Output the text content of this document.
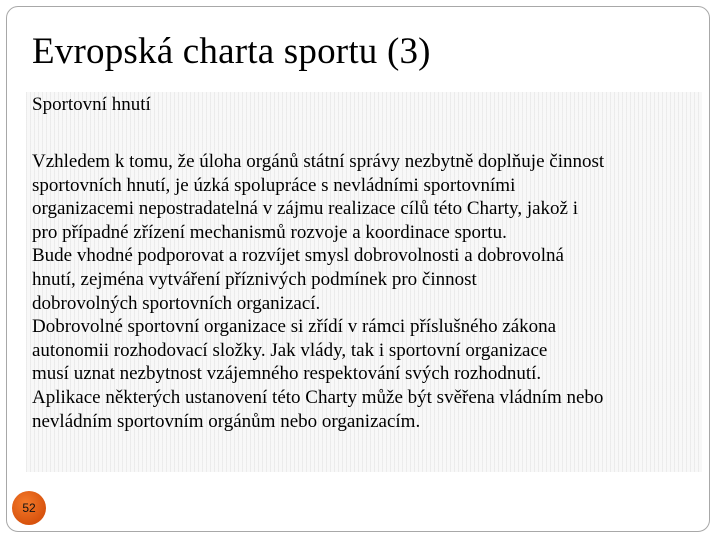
Evropská charta sportu (3)
Sportovní hnutí

Vzhledem k tomu, že úloha orgánů státní správy nezbytně doplňuje činnost
sportovních hnutí, je úzká spolupráce s nevládními sportovními
organizacemi nepostradatelná v zájmu realizace cílů této Charty, jakož i
pro případné zřízení mechanismů rozvoje a koordinace sportu.

Bude vhodné podporovat a rozvíjet smysl dobrovolnosti a dobrovolná
hnutí, zejména vytváření příznivých podmínek pro činnost
dobrovolných sportovních organizací.

Dobrovolné sportovní organizace si zřídí v rámci příslušného zákona
autonomii rozhodovací složky. Jak vlády, tak i sportovní organizace
musí uznat nezbytnost vzájemného respektování svých rozhodnutí.

Aplikace některých ustanovení této Charty může být svěřena vládním nebo
nevládním sportovním orgánům nebo organizacím.

52
